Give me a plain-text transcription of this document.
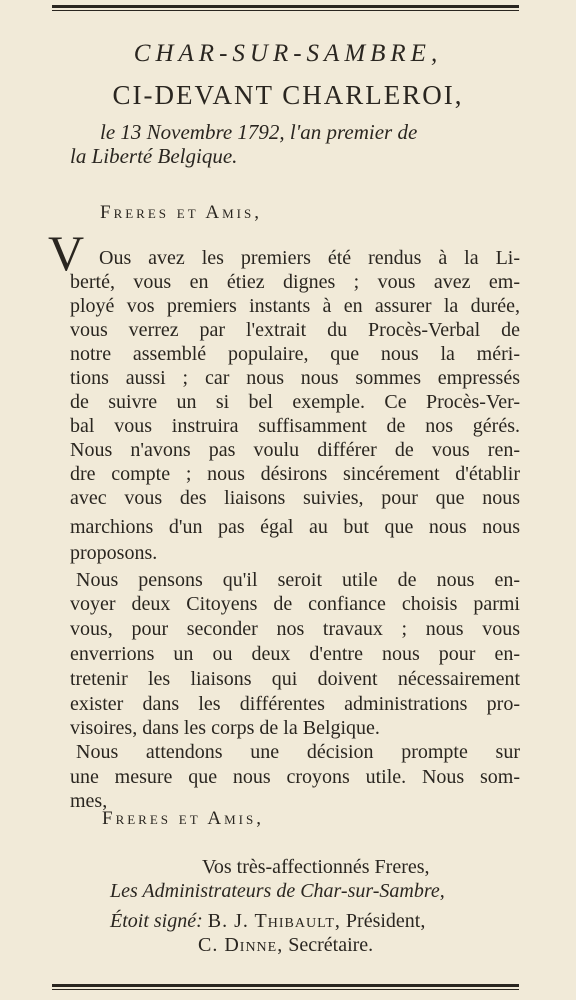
CHAR-SUR-SAMBRE,
CI-DEVANT CHARLEROI,
le 13 Novembre 1792, l'an premier de
la Liberté Belgique.
Freres et Amis,
V Ous avez les premiers été rendus à la Li-
berté, vous en étiez dignes ; vous avez em-
ployé vos premiers instants à en assurer la durée,
vous verrez par l'extrait du Procès-Verbal de
notre assemblé populaire, que nous la méri-
tions aussi ; car nous nous sommes empressés
de suivre un si bel exemple. Ce Procès-Ver-
bal vous instruira suffisamment de nos gérés.
Nous n'avons pas voulu différer de vous ren-
dre compte ; nous désirons sincérement d'établir
avec vous des liaisons suivies, pour que nous
marchions d'un pas égal au but que nous nous
proposons.
Nous pensons qu'il seroit utile de nous en-
voyer deux Citoyens de confiance choisis parmi
vous, pour seconder nos travaux ; nous vous
enverrions un ou deux d'entre nous pour en-
tretenir les liaisons qui doivent nécessairement
exister dans les différentes administrations pro-
visoires, dans les corps de la Belgique.
Nous attendons une décision prompte sur
une mesure que nous croyons utile. Nous som-
mes,
Freres et Amis,
Vos très-affectionnés Freres,
Les Administrateurs de Char-sur-Sambre,
Étoit signé: B. J. Thibault, Président,
C. Dinne, Secrétaire.
